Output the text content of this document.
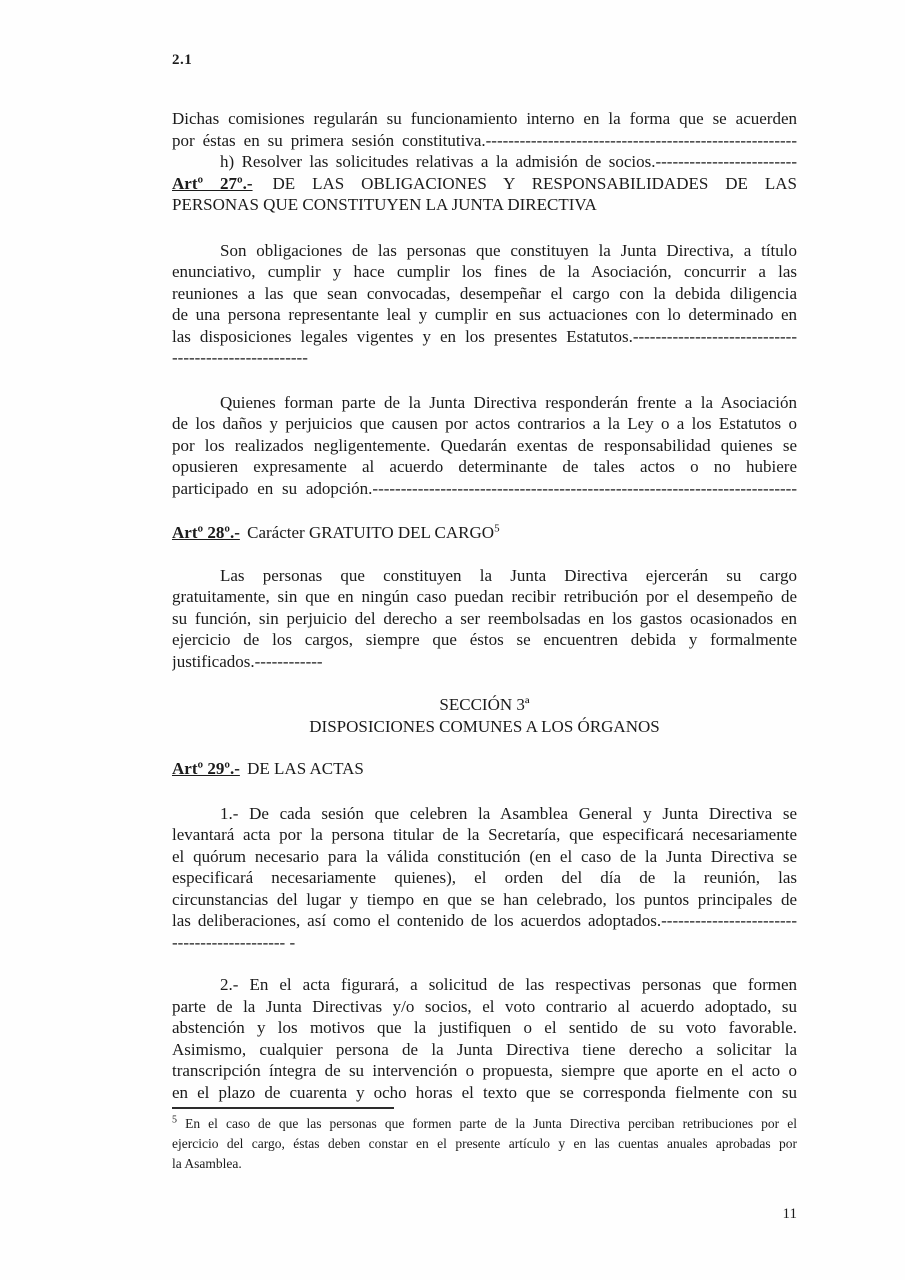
2.1
Dichas comisiones regularán su funcionamiento interno en la forma que se acuerden
por éstas en su primera sesión constitutiva.-------------------------------------------------------
h) Resolver las solicitudes relativas a la admisión de socios.-------------------------
Artº 27º.- DE LAS OBLIGACIONES Y RESPONSABILIDADES DE LAS
PERSONAS QUE CONSTITUYEN LA JUNTA DIRECTIVA
Son obligaciones de las personas que constituyen la Junta Directiva, a título
enunciativo, cumplir y hace cumplir los fines de la Asociación, concurrir a las
reuniones a las que sean convocadas, desempeñar el cargo con la debida diligencia
de una persona representante leal y cumplir en sus actuaciones con lo determinado en
las disposiciones legales vigentes y en los presentes Estatutos.-----------------------------
------------------------
Quienes forman parte de la Junta Directiva responderán frente a la Asociación
de los daños y perjuicios que causen por actos contrarios a la Ley o a los Estatutos o
por los realizados negligentemente. Quedarán exentas de responsabilidad quienes se
opusieren expresamente al acuerdo determinante de tales actos o no hubiere
participado en su adopción.---------------------------------------------------------------------------
Artº 28º.- Carácter GRATUITO DEL CARGO$^5$
Las personas que constituyen la Junta Directiva ejercerán su cargo
gratuitamente, sin que en ningún caso puedan recibir retribución por el desempeño de
su función, sin perjuicio del derecho a ser reembolsadas en los gastos ocasionados en
ejercicio de los cargos, siempre que éstos se encuentren debida y formalmente
justificados.------------
SECCIÓN 3ª
DISPOSICIONES COMUNES A LOS ÓRGANOS
Artº 29º.- DE LAS ACTAS
1.- De cada sesión que celebren la Asamblea General y Junta Directiva se
levantará acta por la persona titular de la Secretaría, que especificará necesariamente
el quórum necesario para la válida constitución (en el caso de la Junta Directiva se
especificará necesariamente quienes), el orden del día de la reunión, las
circunstancias del lugar y tiempo en que se han celebrado, los puntos principales de
las deliberaciones, así como el contenido de los acuerdos adoptados.------------------------
-------------------- -
2.- En el acta figurará, a solicitud de las respectivas personas que formen
parte de la Junta Directivas y/o socios, el voto contrario al acuerdo adoptado, su
abstención y los motivos que la justifiquen o el sentido de su voto favorable.
Asimismo, cualquier persona de la Junta Directiva tiene derecho a solicitar la
transcripción íntegra de su intervención o propuesta, siempre que aporte en el acto o
en el plazo de cuarenta y ocho horas el texto que se corresponda fielmente con su
$^5$ En el caso de que las personas que formen parte de la Junta Directiva perciban retribuciones por el
ejercicio del cargo, éstas deben constar en el presente artículo y en las cuentas anuales aprobadas por
la Asamblea.
11
